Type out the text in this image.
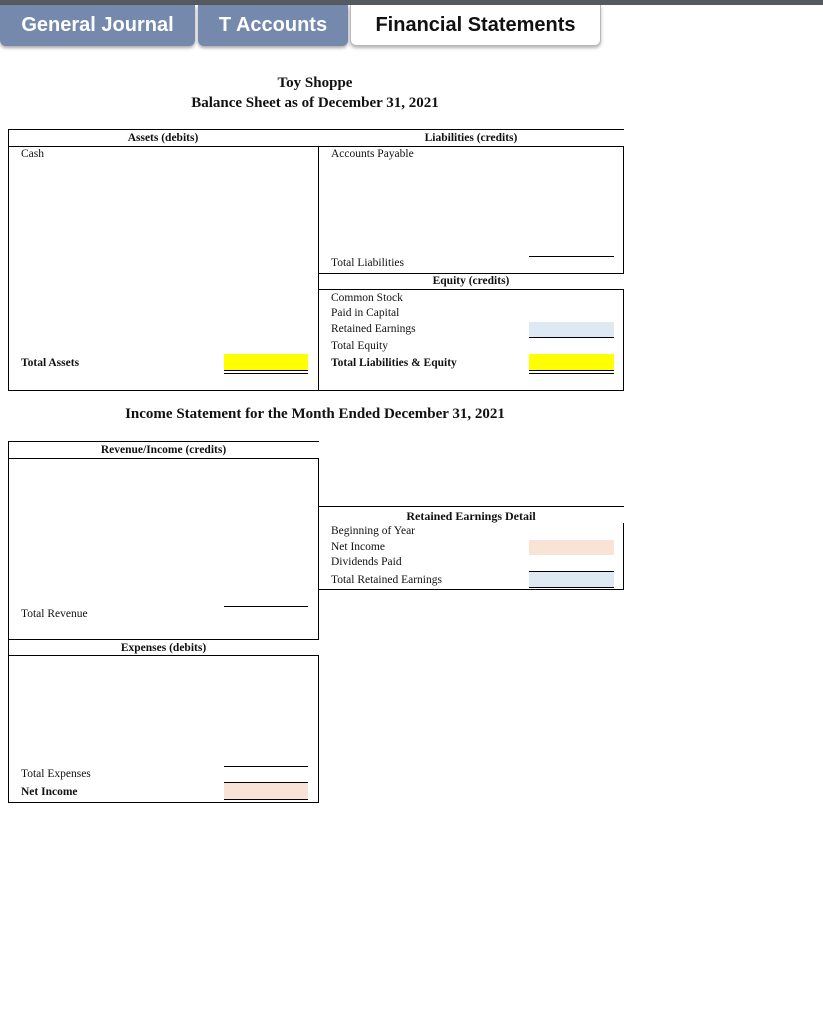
General Journal	T Accounts	Financial Statements
Toy Shoppe
Balance Sheet as of December 31, 2021
Assets (debits)	Liabilities (credits)
Equity (credits)
Cash	Accounts Payable
Total Liabilities
Common Stock
Paid in Capital
Retained Earnings
Total Equity
Total Assets	Total Liabilities & Equity
Income Statement for the Month Ended December 31, 2021
Revenue/Income (credits)
Total Revenue
Expenses (debits)
Total Expenses
Net Income
Retained Earnings Detail
Beginning of Year
Net Income
Dividends Paid
Total Retained Earnings
